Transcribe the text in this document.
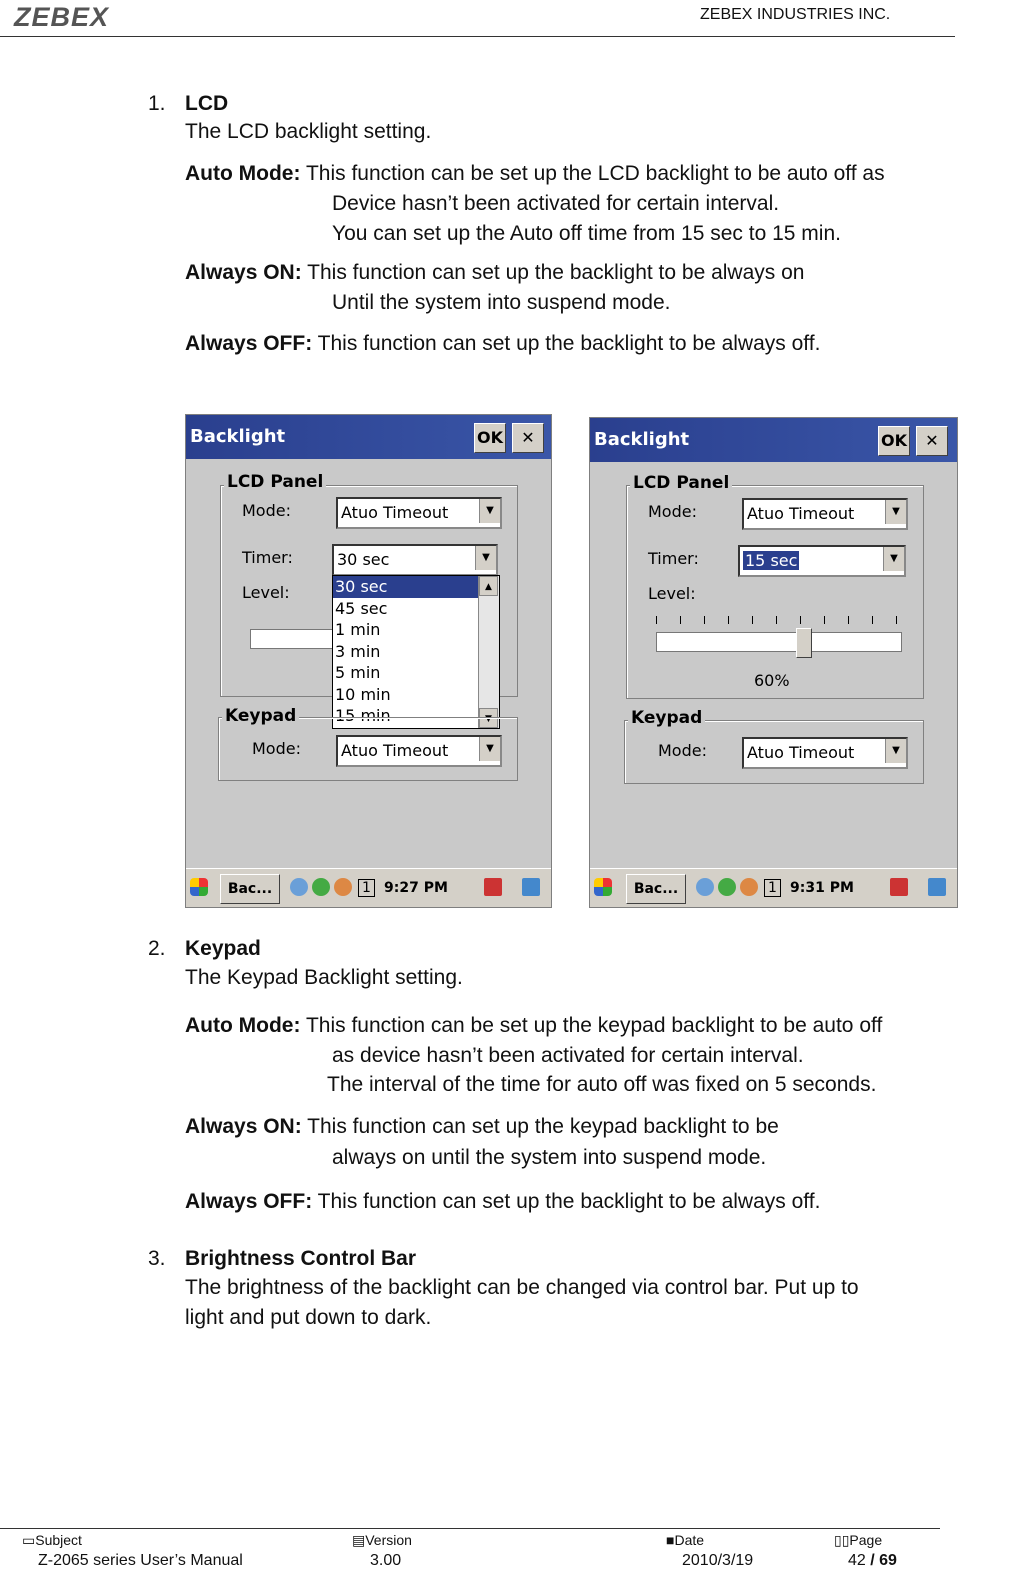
ZEBEX	ZEBEX INDUSTRIES INC.
1. LCD
The LCD backlight setting.
Auto Mode: This function can be set up the LCD backlight to be auto off as
Device hasn’t been activated for certain interval.
You can set up the Auto off time from 15 sec to 15 min.
Always ON: This function can set up the backlight to be always on
Until the system into suspend mode.
Always OFF: This function can set up the backlight to be always off.
Backlight	OK	✕
LCD Panel
Mode:	Atuo Timeout	▼
Timer:	30 sec	▼
Level:	30 sec
45 sec
1 min
3 min
5 min
10 min
15 min
▲
▼
Keypad
Mode:	Atuo Timeout	▼
Bac...	1 9:27 PM
Backlight	OK	✕
LCD Panel
Mode:	Atuo Timeout	▼
Timer:	15 sec	▼
Level:
60%
Keypad
Mode:	Atuo Timeout	▼
Bac...	1 9:31 PM
2. Keypad
The Keypad Backlight setting.
Auto Mode: This function can be set up the keypad backlight to be auto off
as device hasn’t been activated for certain interval.
The interval of the time for auto off was fixed on 5 seconds.
Always ON: This function can set up the keypad backlight to be
always on until the system into suspend mode.
Always OFF: This function can set up the backlight to be always off.
3. Brightness Control Bar
The brightness of the backlight can be changed via control bar. Put up to
light and put down to dark.
▭Subject
Z-2065 series User’s Manual
▤Version
3.00
■Date
2010/3/19
▯▯Page
42 / 69
